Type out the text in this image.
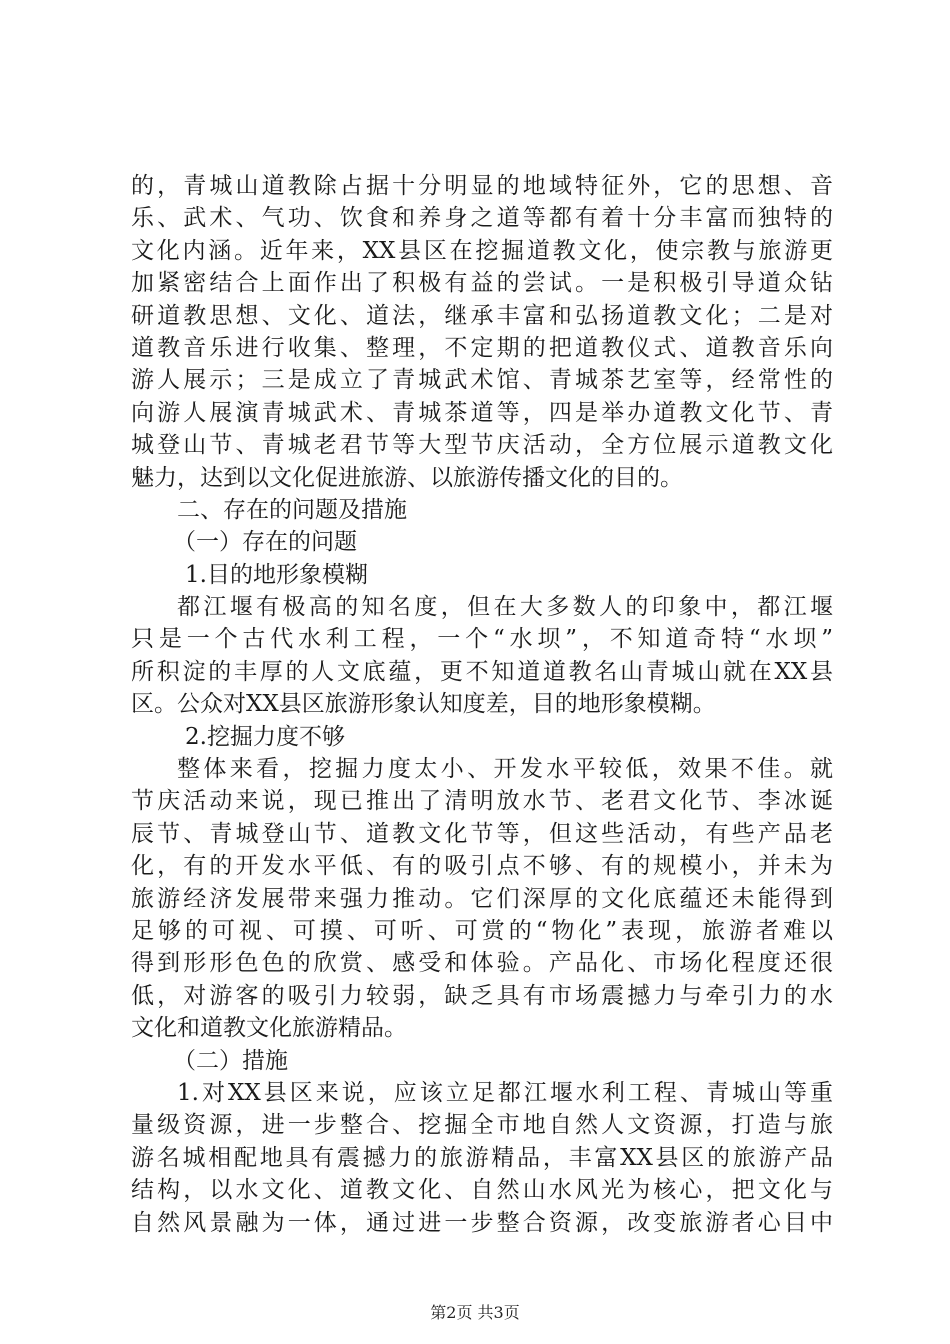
的，青城山道教除占据十分明显的地域特征外，它的思想、音
乐、武术、气功、饮食和养身之道等都有着十分丰富而独特的
文化内涵。近年来，XX县区在挖掘道教文化，使宗教与旅游更
加紧密结合上面作出了积极有益的尝试。一是积极引导道众钻
研道教思想、文化、道法，继承丰富和弘扬道教文化；二是对
道教音乐进行收集、整理，不定期的把道教仪式、道教音乐向
游人展示；三是成立了青城武术馆、青城茶艺室等，经常性的
向游人展演青城武术、青城茶道等，四是举办道教文化节、青
城登山节、青城老君节等大型节庆活动，全方位展示道教文化
魅力，达到以文化促进旅游、以旅游传播文化的目的。
二、存在的问题及措施
（一）存在的问题
1.目的地形象模糊
都江堰有极高的知名度，但在大多数人的印象中，都江堰
只是一个古代水利工程，一个“水坝”，不知道奇特“水坝”
所积淀的丰厚的人文底蕴，更不知道道教名山青城山就在XX县
区。公众对XX县区旅游形象认知度差，目的地形象模糊。
2.挖掘力度不够
整体来看，挖掘力度太小、开发水平较低，效果不佳。就
节庆活动来说，现已推出了清明放水节、老君文化节、李冰诞
辰节、青城登山节、道教文化节等，但这些活动，有些产品老
化，有的开发水平低、有的吸引点不够、有的规模小，并未为
旅游经济发展带来强力推动。它们深厚的文化底蕴还未能得到
足够的可视、可摸、可听、可赏的“物化”表现，旅游者难以
得到形形色色的欣赏、感受和体验。产品化、市场化程度还很
低，对游客的吸引力较弱，缺乏具有市场震撼力与牵引力的水
文化和道教文化旅游精品。
（二）措施
1.对XX县区来说，应该立足都江堰水利工程、青城山等重
量级资源，进一步整合、挖掘全市地自然人文资源，打造与旅
游名城相配地具有震撼力的旅游精品，丰富XX县区的旅游产品
结构，以水文化、道教文化、自然山水风光为核心，把文化与
自然风景融为一体，通过进一步整合资源，改变旅游者心目中
第2页 共3页
